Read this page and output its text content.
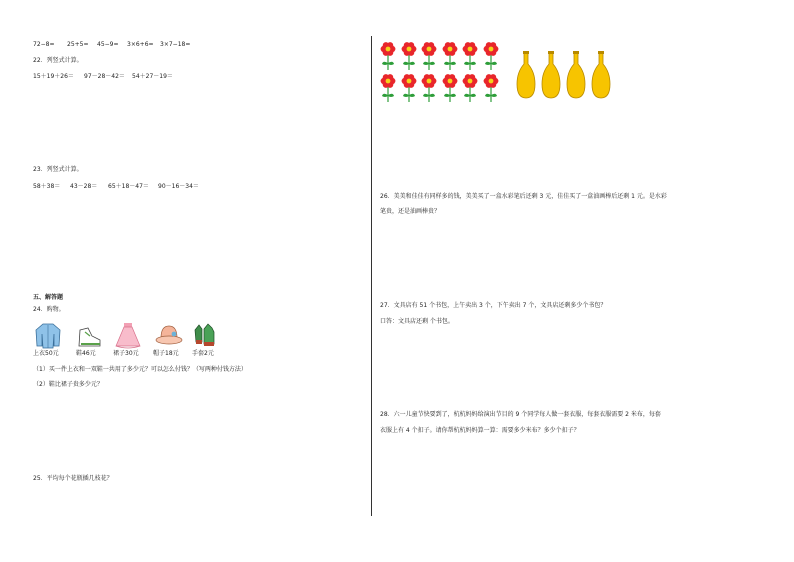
72−8= 25+5= 45−9= 3×6+6= 3×7−18=
22．列竖式计算。
15＋19＋26＝ 97－28－42＝ 54＋27－19＝
23．列竖式计算。
58＋38＝ 43－28＝ 65＋18－47＝ 90－16－34＝
五、解答题
24．购物。
上衣50元	鞋46元	裙子30元 帽子18元 手套2元
（1）买一件上衣和一双鞋一共用了多少元？可以怎么付钱？（写两种付钱方法）
（2）鞋比裙子贵多少元？
25．平均每个花瓶插几枝花？
26．美美和佳佳有同样多的钱，美美买了一盒水彩笔后还剩 3 元，佳佳买了一盒油画棒后还剩 1 元。是水彩
笔贵，还是油画棒贵？
27．文具店有 51 个书包，上午卖出 3 个，下午卖出 7 个，文具店还剩多少个书包？
口答：文具店还剩 个书包。
28．六一儿童节快要到了，杭杭妈妈给演出节目的 9 个同学每人做一套衣服，每套衣服需要 2 米布，每套
衣服上有 4 个扣子。请你帮杭杭妈妈算一算：需要多少米布？多少个扣子？
